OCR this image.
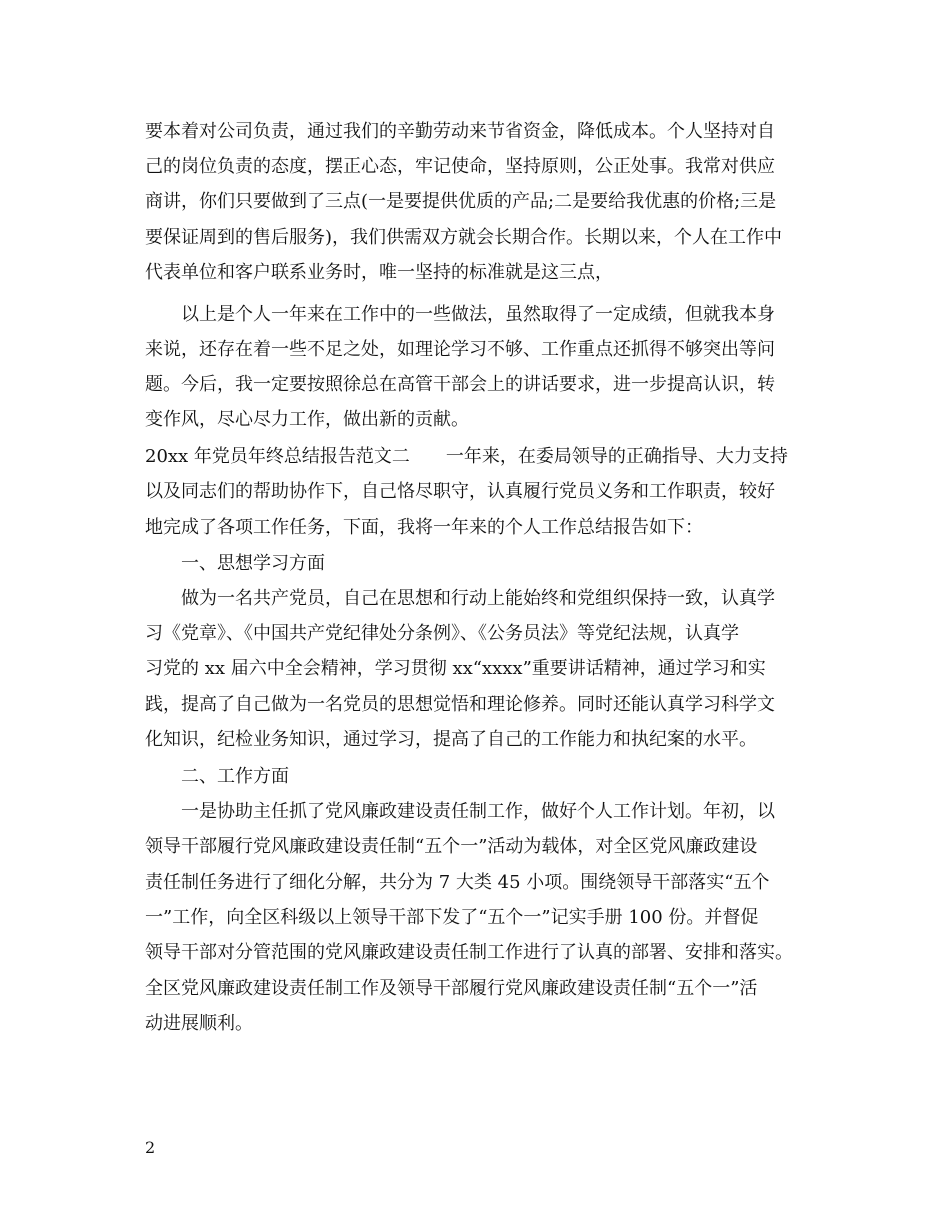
要本着对公司负责，通过我们的辛勤劳动来节省资金，降低成本。个人坚持对自
己的岗位负责的态度，摆正心态，牢记使命，坚持原则，公正处事。我常对供应
商讲，你们只要做到了三点(一是要提供优质的产品;二是要给我优惠的价格;三是
要保证周到的售后服务)，我们供需双方就会长期合作。长期以来，个人在工作中
代表单位和客户联系业务时，唯一坚持的标准就是这三点，
以上是个人一年来在工作中的一些做法，虽然取得了一定成绩，但就我本身
来说，还存在着一些不足之处，如理论学习不够、工作重点还抓得不够突出等问
题。今后，我一定要按照徐总在高管干部会上的讲话要求，进一步提高认识，转
变作风，尽心尽力工作，做出新的贡献。
20xx 年党员年终总结报告范文二　　一年来，在委局领导的正确指导、大力支持
以及同志们的帮助协作下，自己恪尽职守，认真履行党员义务和工作职责，较好
地完成了各项工作任务，下面，我将一年来的个人工作总结报告如下：
一、思想学习方面
做为一名共产党员，自己在思想和行动上能始终和党组织保持一致，认真学
习《党章》、《中国共产党纪律处分条例》、《公务员法》等党纪法规，认真学
习党的 xx 届六中全会精神，学习贯彻 xx“xxxx”重要讲话精神，通过学习和实
践，提高了自己做为一名党员的思想觉悟和理论修养。同时还能认真学习科学文
化知识，纪检业务知识，通过学习，提高了自己的工作能力和执纪案的水平。
二、工作方面
一是协助主任抓了党风廉政建设责任制工作，做好个人工作计划。年初，以
领导干部履行党风廉政建设责任制“五个一”活动为载体，对全区党风廉政建设
责任制任务进行了细化分解，共分为 7 大类 45 小项。围绕领导干部落实“五个
一”工作，向全区科级以上领导干部下发了“五个一”记实手册 100 份。并督促
领导干部对分管范围的党风廉政建设责任制工作进行了认真的部署、安排和落实。
全区党风廉政建设责任制工作及领导干部履行党风廉政建设责任制“五个一”活
动进展顺利。
2
